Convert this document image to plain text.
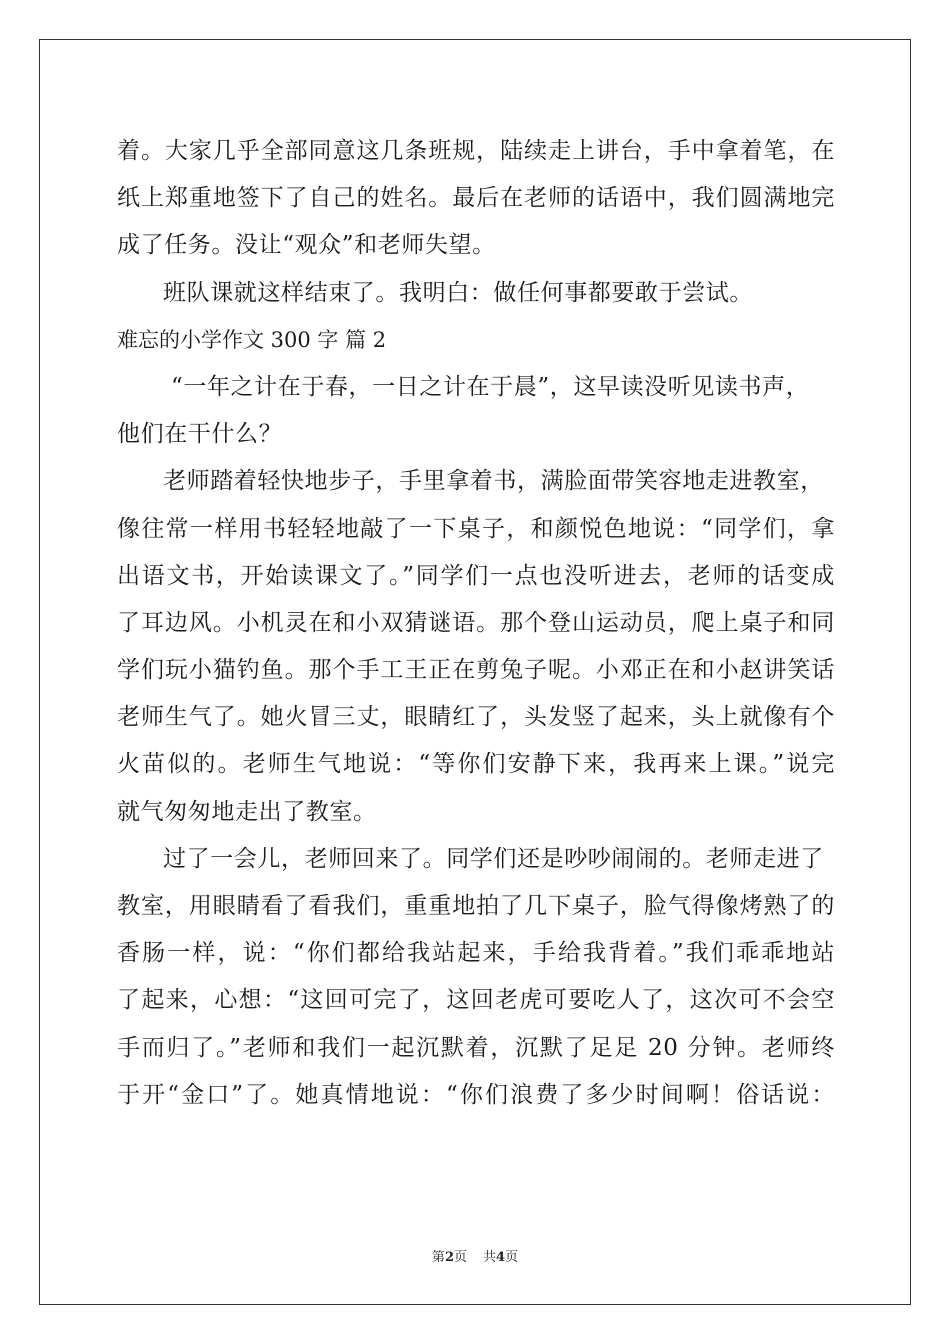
着。大家几乎全部同意这几条班规，陆续走上讲台，手中拿着笔，在
纸上郑重地签下了自己的姓名。最后在老师的话语中，我们圆满地完
成了任务。没让“观众”和老师失望。
班队课就这样结束了。我明白：做任何事都要敢于尝试。
难忘的小学作文 300 字 篇 2
“一年之计在于春，一日之计在于晨”，这早读没听见读书声，
他们在干什么？
老师踏着轻快地步子，手里拿着书，满脸面带笑容地走进教室，
像往常一样用书轻轻地敲了一下桌子，和颜悦色地说：“同学们，拿
出语文书，开始读课文了。”同学们一点也没听进去，老师的话变成
了耳边风。小机灵在和小双猜谜语。那个登山运动员，爬上桌子和同
学们玩小猫钓鱼。那个手工王正在剪兔子呢。小邓正在和小赵讲笑话
老师生气了。她火冒三丈，眼睛红了，头发竖了起来，头上就像有个
火苗似的。老师生气地说：“等你们安静下来，我再来上课。”说完
就气匆匆地走出了教室。
过了一会儿，老师回来了。同学们还是吵吵闹闹的。老师走进了
教室，用眼睛看了看我们，重重地拍了几下桌子，脸气得像烤熟了的
香肠一样，说：“你们都给我站起来，手给我背着。”我们乖乖地站
了起来，心想：“这回可完了，这回老虎可要吃人了，这次可不会空
手而归了。”老师和我们一起沉默着，沉默了足足 20 分钟。老师终
于开“金口”了。她真情地说：“你们浪费了多少时间啊！俗话说：
第2页 共4页
